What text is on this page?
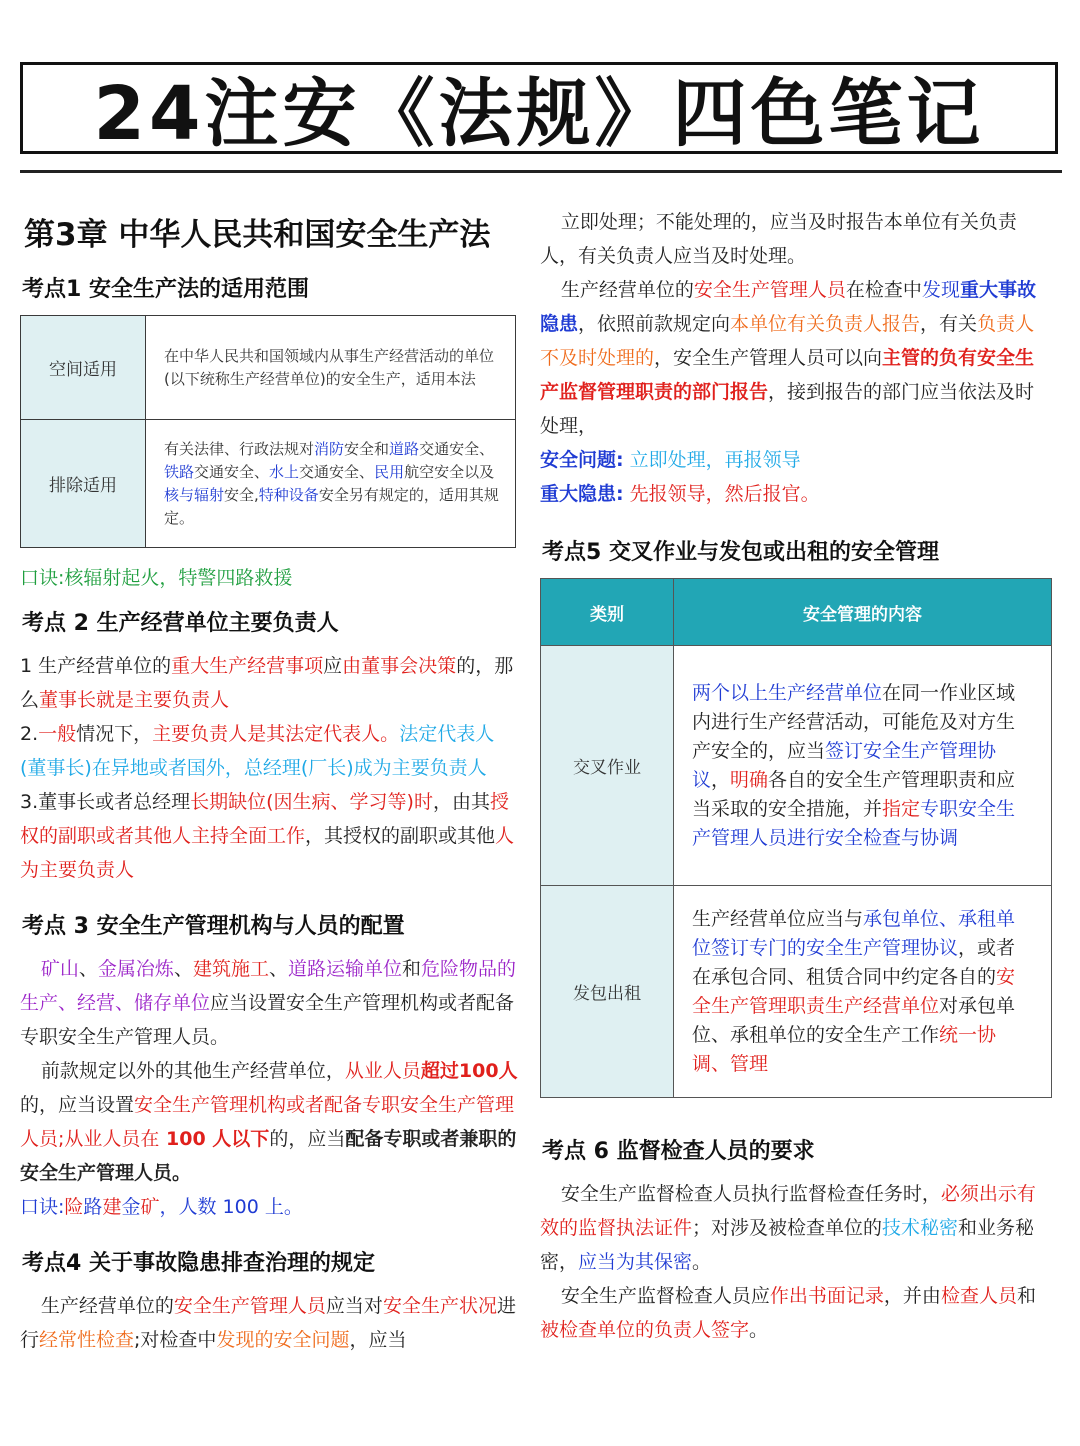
24注安《法规》四色笔记
第3章 中华人民共和国安全生产法
考点1 安全生产法的适用范围
空间适用	在中华人民共和国领域内从事生产经营活动的单位(以下统称生产经营单位)的安全生产，适用本法
排除适用	有关法律、行政法规对消防安全和道路交通安全、铁路交通安全、水上交通安全、民用航空安全以及核与辐射安全,特种设备安全另有规定的，适用其规定。
口诀:核辐射起火，特警四路救援
考点 2 生产经营单位主要负责人

1 生产经营单位的重大生产经营事项应由董事会决策的，那么董事长就是主要负责人

2.一般情况下，主要负责人是其法定代表人。法定代表人(董事长)在异地或者国外，总经理(厂长)成为主要负责人

3.董事长或者总经理长期缺位(因生病、学习等)时，由其授权的副职或者其他人主持全面工作，其授权的副职或其他人为主要负责人

考点 3 安全生产管理机构与人员的配置

矿山、金属冶炼、建筑施工、道路运输单位和危险物品的生产、经营、储存单位应当设置安全生产管理机构或者配备专职安全生产管理人员。

前款规定以外的其他生产经营单位，从业人员超过100人的，应当设置安全生产管理机构或者配备专职安全生产管理人员;从业人员在 100 人以下的，应当配备专职或者兼职的安全生产管理人员。

口诀:险路建金矿，人数 100 上。

考点4 关于事故隐患排查治理的规定

生产经营单位的安全生产管理人员应当对安全生产状况进行经常性检查;对检查中发现的安全问题，应当

立即处理；不能处理的，应当及时报告本单位有关负责人，有关负责人应当及时处理。

生产经营单位的安全生产管理人员在检查中发现重大事故隐患，依照前款规定向本单位有关负责人报告，有关负责人不及时处理的，安全生产管理人员可以向主管的负有安全生产监督管理职责的部门报告，接到报告的部门应当依法及时处理，

安全问题: 立即处理，再报领导

重大隐患: 先报领导，然后报官。

考点5 交叉作业与发包或出租的安全管理
类别	安全管理的内容
交叉作业	两个以上生产经营单位在同一作业区域内进行生产经营活动，可能危及对方生产安全的，应当签订安全生产管理协议，明确各自的安全生产管理职责和应当采取的安全措施，并指定专职安全生产管理人员进行安全检查与协调
发包出租	生产经营单位应当与承包单位、承租单位签订专门的安全生产管理协议，或者在承包合同、租赁合同中约定各自的安全生产管理职责生产经营单位对承包单位、承租单位的安全生产工作统一协调、管理
考点 6 监督检查人员的要求

安全生产监督检查人员执行监督检查任务时，必须出示有效的监督执法证件；对涉及被检查单位的技术秘密和业务秘密，应当为其保密。

安全生产监督检查人员应作出书面记录，并由检查人员和被检查单位的负责人签字。
